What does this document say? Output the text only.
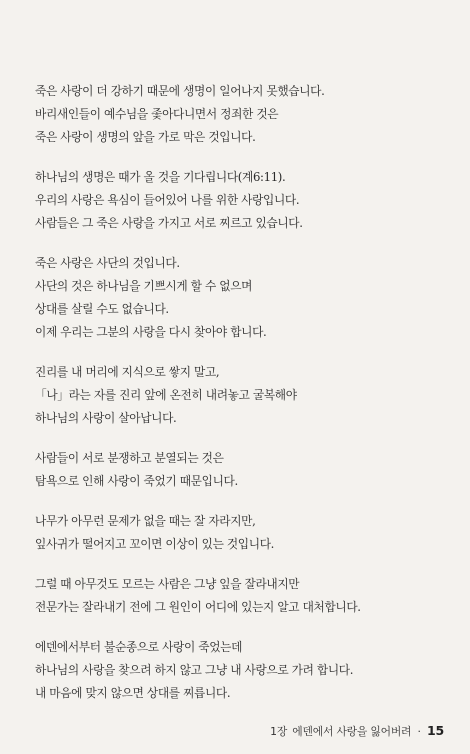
죽은 사랑이 더 강하기 때문에 생명이 일어나지 못했습니다.
바리새인들이 예수님을 좇아다니면서 정죄한 것은
죽은 사랑이 생명의 앞을 가로 막은 것입니다.
하나님의 생명은 때가 올 것을 기다립니다(계6:11).
우리의 사랑은 욕심이 들어있어 나를 위한 사랑입니다.
사람들은 그 죽은 사랑을 가지고 서로 찌르고 있습니다.
죽은 사랑은 사단의 것입니다.
사단의 것은 하나님을 기쁘시게 할 수 없으며
상대를 살릴 수도 없습니다.
이제 우리는 그분의 사랑을 다시 찾아야 합니다.
진리를 내 머리에 지식으로 쌓지 말고,
「나」라는 자를 진리 앞에 온전히 내려놓고 굴복해야
하나님의 사랑이 살아납니다.
사람들이 서로 분쟁하고 분열되는 것은
탐욕으로 인해 사랑이 죽었기 때문입니다.
나무가 아무런 문제가 없을 때는 잘 자라지만,
잎사귀가 떨어지고 꼬이면 이상이 있는 것입니다.
그럴 때 아무것도 모르는 사람은 그냥 잎을 잘라내지만
전문가는 잘라내기 전에 그 원인이 어디에 있는지 알고 대처합니다.
에덴에서부터 불순종으로 사랑이 죽었는데
하나님의 사랑을 찾으려 하지 않고 그냥 내 사랑으로 가려 합니다.
내 마음에 맞지 않으면 상대를 찌릅니다.
1장 에덴에서 사랑을 잃어버려 · 15
